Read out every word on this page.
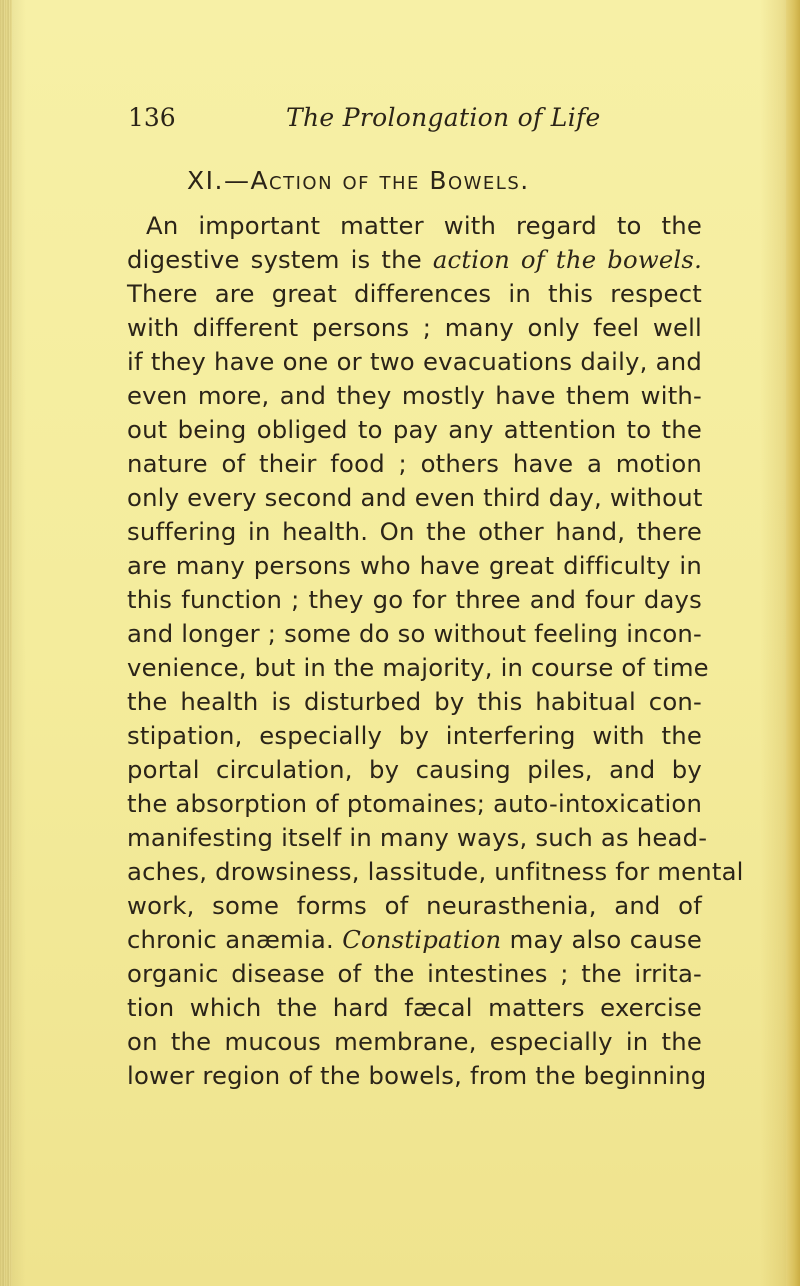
136	The Prolongation of Life
XI.—Action of the Bowels.
An important matter with regard to the
digestive system is the action of the bowels.
There are great differences in this respect
with different persons ; many only feel well
if they have one or two evacuations daily, and
even more, and they mostly have them with-
out being obliged to pay any attention to the
nature of their food ; others have a motion
only every second and even third day, without
suffering in health. On the other hand, there
are many persons who have great difficulty in
this function ; they go for three and four days
and longer ; some do so without feeling incon-
venience, but in the majority, in course of time
the health is disturbed by this habitual con-
stipation, especially by interfering with the
portal circulation, by causing piles, and by
the absorption of ptomaines; auto-intoxication
manifesting itself in many ways, such as head-
aches, drowsiness, lassitude, unfitness for mental
work, some forms of neurasthenia, and of
chronic anæmia. Constipation may also cause
organic disease of the intestines ; the irrita-
tion which the hard fæcal matters exercise
on the mucous membrane, especially in the
lower region of the bowels, from the beginning
